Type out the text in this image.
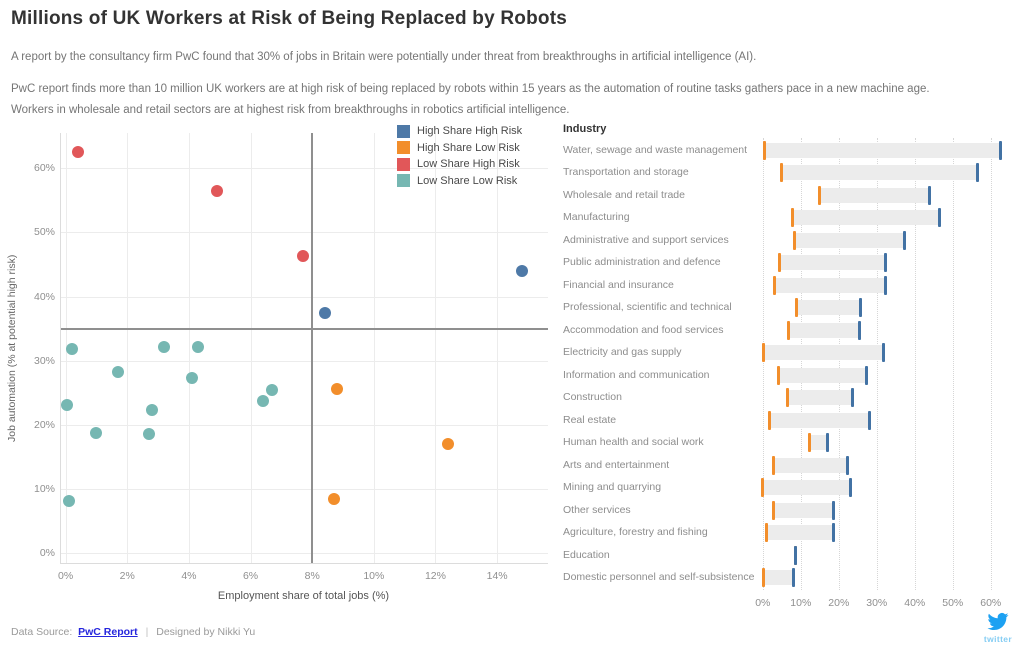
Millions of UK Workers at Risk of Being Replaced by Robots

A report by the consultancy firm PwC found that 30% of jobs in Britain were potentially under threat from breakthroughs in artificial intelligence (AI).

PwC report finds more than 10 million UK workers are at high risk of being replaced by robots within 15 years as the automation of routine tasks gathers pace in a new machine age. Workers in wholesale and retail sectors are at highest risk from breakthroughs in robotics artificial intelligence.

Job automation (% at potential high risk)
0%	2%	4%	6%	8%	10%	12%	14%
0%
10%
20%
30%
40%
50%
60%
Employment share of total jobs (%)
High Share High Risk
High Share Low Risk
Low Share High Risk
Low Share Low Risk
Industry
Water, sewage and waste management
Transportation and storage
Wholesale and retail trade
Manufacturing
Administrative and support services
Public administration and defence
Financial and insurance
Professional, scientific and technical
Accommodation and food services
Electricity and gas supply
Information and communication
Construction
Real estate
Human health and social work
Arts and entertainment
Mining and quarrying
Other services
Agriculture, forestry and fishing
Education
Domestic personnel and self-subsistence
0%	10%	20%	30%	40%	50%	60%
Data Source: PwC Report | Designed by Nikki Yu
twitter
